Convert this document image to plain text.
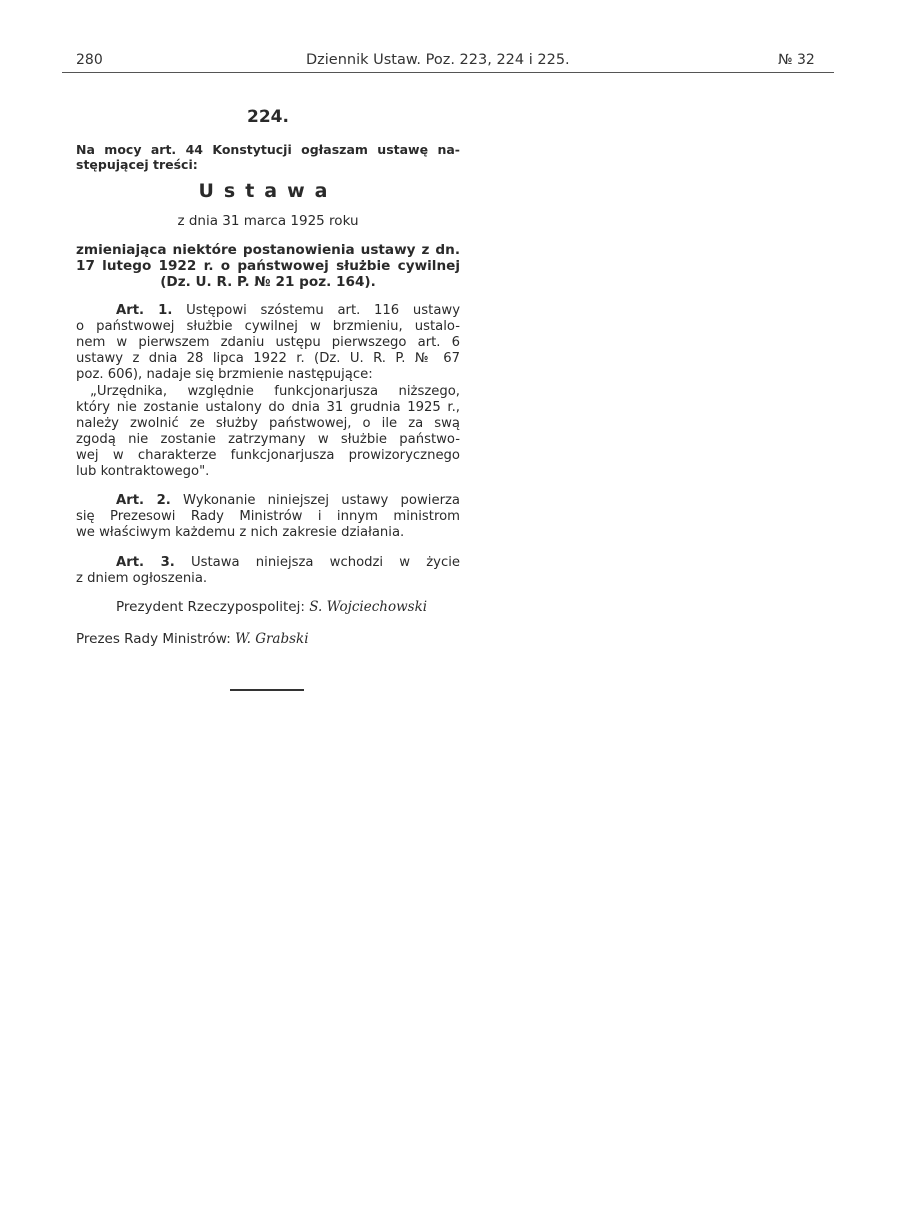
280	Dziennik Ustaw. Poz. 223, 224 i 225.	№ 32
224.
Na mocy art. 44 Konstytucji ogłaszam ustawę na-
stępującej treści:
Ustawa
z dnia 31 marca 1925 roku
zmieniająca niektóre postanowienia ustawy z dn.
17 lutego 1922 r. o państwowej służbie cywilnej
(Dz. U. R. P. № 21 poz. 164).
Art. 1. Ustępowi szóstemu art. 116 ustawy
o państwowej służbie cywilnej w brzmieniu, ustalo-
nem w pierwszem zdaniu ustępu pierwszego art. 6
ustawy z dnia 28 lipca 1922 r. (Dz. U. R. P. № 67
poz. 606), nadaje się brzmienie następujące:
„Urzędnika, względnie funkcjonarjusza niższego,
który nie zostanie ustalony do dnia 31 grudnia 1925 r.,
należy zwolnić ze służby państwowej, o ile za swą
zgodą nie zostanie zatrzymany w służbie państwo-
wej w charakterze funkcjonarjusza prowizorycznego
lub kontraktowego".
Art. 2. Wykonanie niniejszej ustawy powierza
się Prezesowi Rady Ministrów i innym ministrom
we właściwym każdemu z nich zakresie działania.
Art. 3. Ustawa niniejsza wchodzi w życie
z dniem ogłoszenia.
Prezydent Rzeczypospolitej: S. Wojciechowski
Prezes Rady Ministrów: W. Grabski
